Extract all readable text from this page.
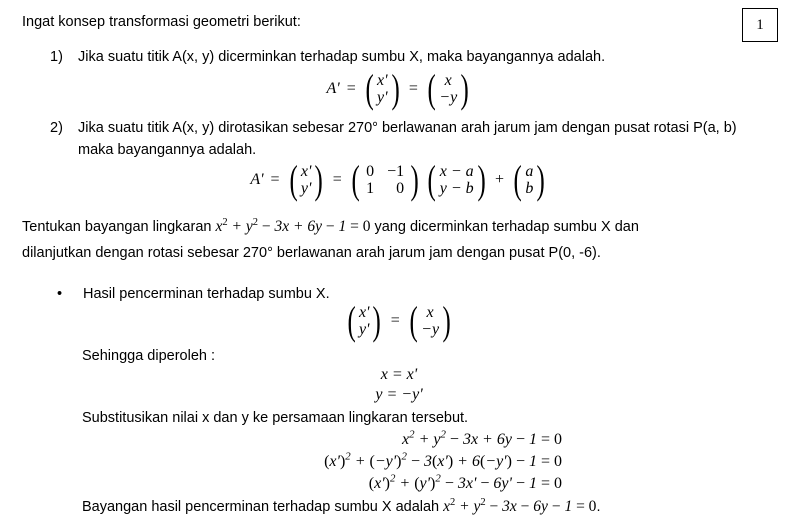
1
Ingat konsep transformasi geometri berikut:
1)	Jika suatu titik A(x, y) dicerminkan terhadap sumbu X, maka bayangannya adalah.
A' = ( x'
y' ) = ( x
−y )
2)	Jika suatu titik A(x, y) dirotasikan sebesar 270° berlawanan arah jarum jam dengan pusat rotasi P(a, b) maka bayangannya adalah.
A' = ( x'
y' ) = ( 0 −1
1 0 )
( x − a
y − b ) + ( a
b )
Tentukan bayangan lingkaran $x^2 + y^2 - 3x + 6y - 1 = 0$ yang dicerminkan terhadap sumbu X dan
dilanjutkan dengan rotasi sebesar 270° berlawanan arah jarum jam dengan pusat P(0, -6).
•	Hasil pencerminan terhadap sumbu X.
( x'
y' ) = ( x
−y )
Sehingga diperoleh :
x = x'
y = −y'
Substitusikan nilai x dan y ke persamaan lingkaran tersebut.
$x^2 + y^2 - 3x + 6y - 1 = 0$
$(x')^2 + (-y')^2 - 3(x') + 6(-y') - 1 = 0$
$(x')^2 + (y')^2 - 3x' - 6y' - 1 = 0$
Bayangan hasil pencerminan terhadap sumbu X adalah $x^2 + y^2 - 3x - 6y - 1 = 0$.
